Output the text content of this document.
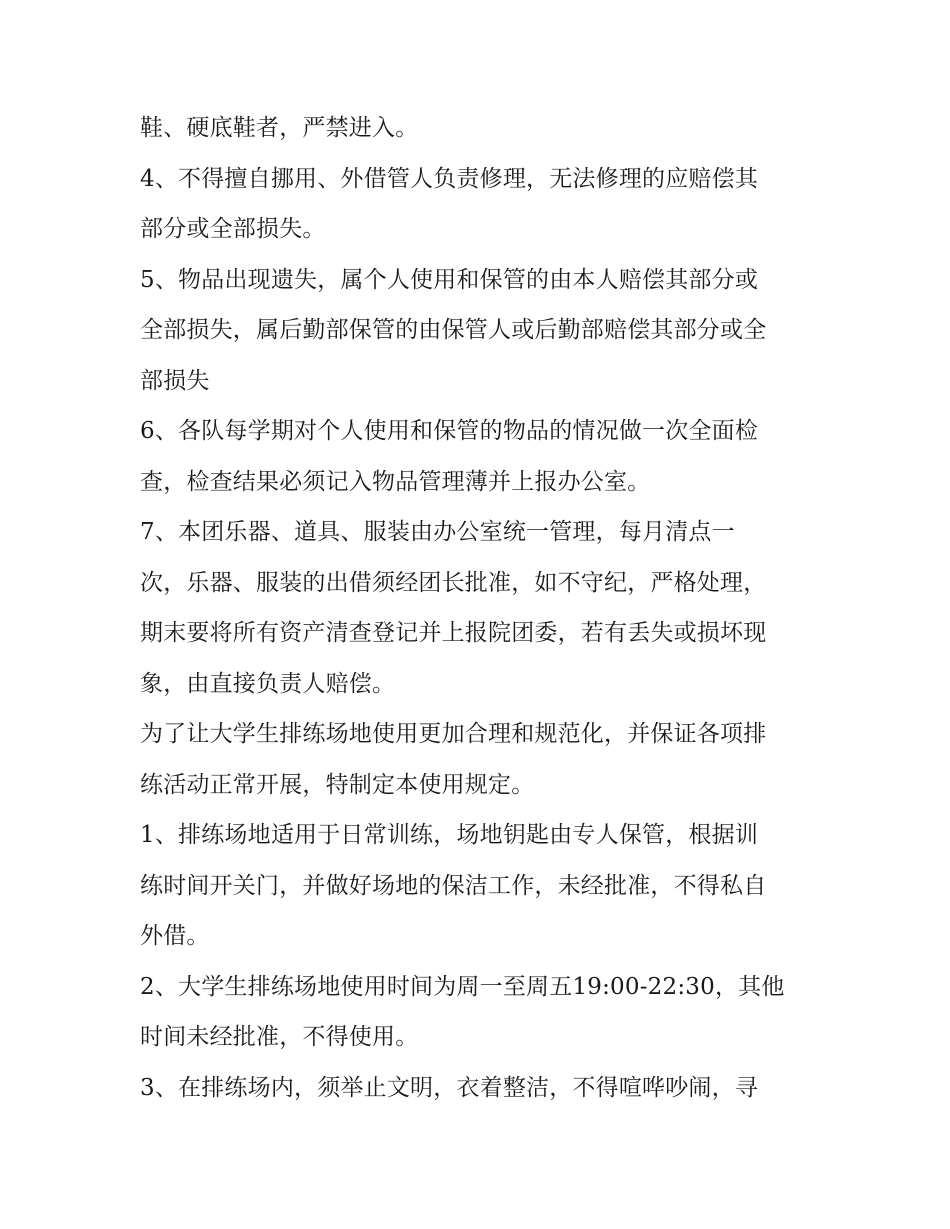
鞋、硬底鞋者，严禁进入。
4、不得擅自挪用、外借管人负责修理，无法修理的应赔偿其
部分或全部损失。
5、物品出现遗失，属个人使用和保管的由本人赔偿其部分或
全部损失，属后勤部保管的由保管人或后勤部赔偿其部分或全
部损失
6、各队每学期对个人使用和保管的物品的情况做一次全面检
查，检查结果必须记入物品管理薄并上报办公室。
7、本团乐器、道具、服装由办公室统一管理，每月清点一
次，乐器、服装的出借须经团长批准，如不守纪，严格处理，
期末要将所有资产清查登记并上报院团委，若有丢失或损坏现
象，由直接负责人赔偿。
为了让大学生排练场地使用更加合理和规范化，并保证各项排
练活动正常开展，特制定本使用规定。
1、排练场地适用于日常训练，场地钥匙由专人保管，根据训
练时间开关门，并做好场地的保洁工作，未经批准，不得私自
外借。
2、大学生排练场地使用时间为周一至周五19:00-22:30，其他
时间未经批准，不得使用。
3、在排练场内，须举止文明，衣着整洁，不得喧哗吵闹，寻
